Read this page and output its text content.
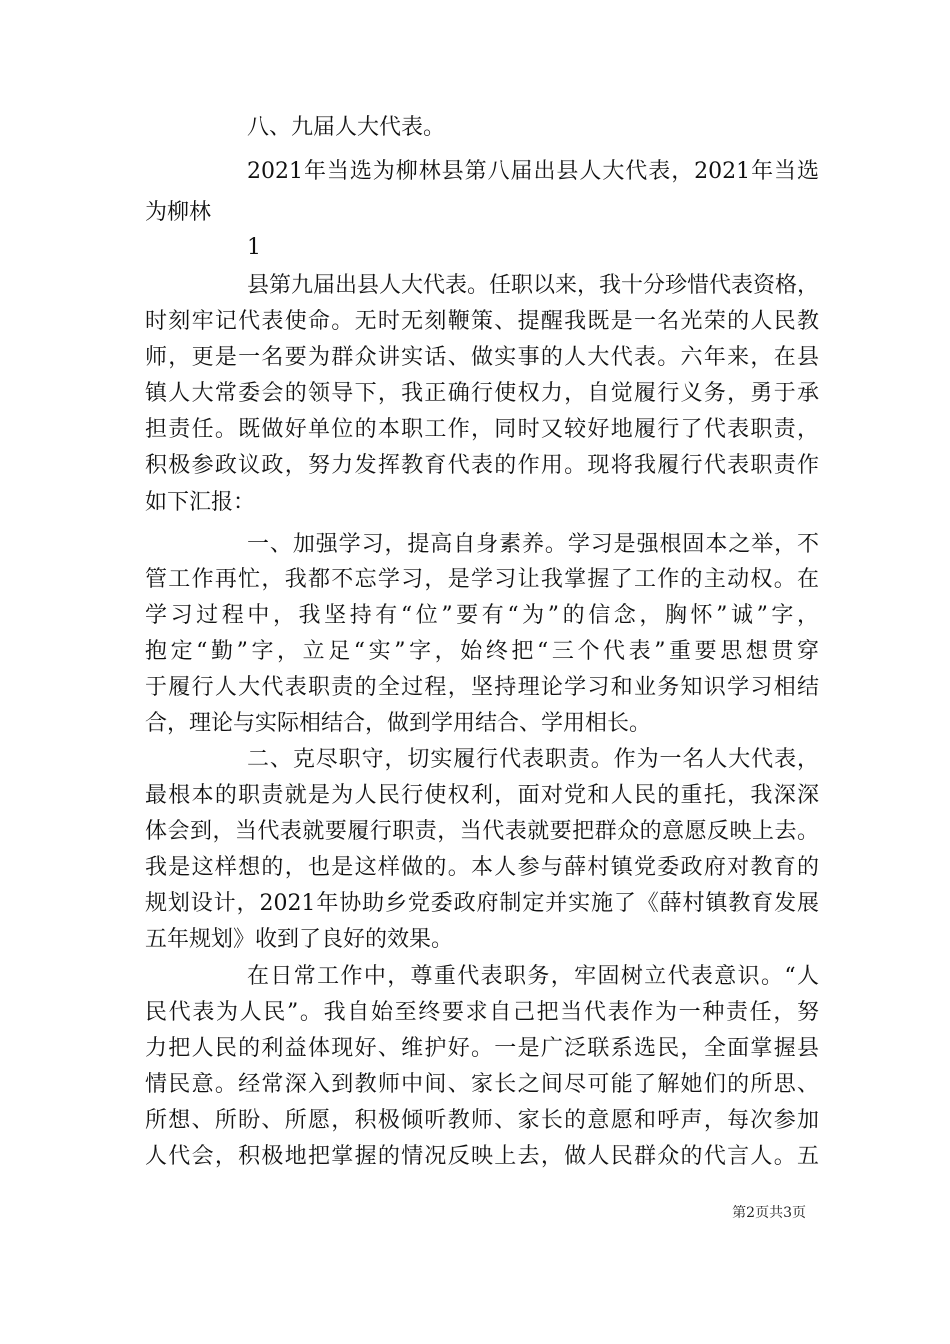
八、九届人大代表。
2021年当选为柳林县第八届出县人大代表，2021年当选
为柳林
1
县第九届出县人大代表。任职以来，我十分珍惜代表资格，
时刻牢记代表使命。无时无刻鞭策、提醒我既是一名光荣的人民教
师，更是一名要为群众讲实话、做实事的人大代表。六年来，在县
镇人大常委会的领导下，我正确行使权力，自觉履行义务，勇于承
担责任。既做好单位的本职工作，同时又较好地履行了代表职责，
积极参政议政，努力发挥教育代表的作用。现将我履行代表职责作
如下汇报：
一、加强学习，提高自身素养。学习是强根固本之举，不
管工作再忙，我都不忘学习，是学习让我掌握了工作的主动权。在
学习过程中，我坚持有“位”要有“为”的信念，胸怀”诚”字，
抱定“勤”字，立足“实”字，始终把“三个代表”重要思想贯穿
于履行人大代表职责的全过程，坚持理论学习和业务知识学习相结
合，理论与实际相结合，做到学用结合、学用相长。
二、克尽职守，切实履行代表职责。作为一名人大代表，
最根本的职责就是为人民行使权利，面对党和人民的重托，我深深
体会到，当代表就要履行职责，当代表就要把群众的意愿反映上去。
我是这样想的，也是这样做的。本人参与薛村镇党委政府对教育的
规划设计，2021年协助乡党委政府制定并实施了《薛村镇教育发展
五年规划》收到了良好的效果。
在日常工作中，尊重代表职务，牢固树立代表意识。“人
民代表为人民”。我自始至终要求自己把当代表作为一种责任，努
力把人民的利益体现好、维护好。一是广泛联系选民，全面掌握县
情民意。经常深入到教师中间、家长之间尽可能了解她们的所思、
所想、所盼、所愿，积极倾听教师、家长的意愿和呼声，每次参加
人代会，积极地把掌握的情况反映上去，做人民群众的代言人。五
第2页共3页
